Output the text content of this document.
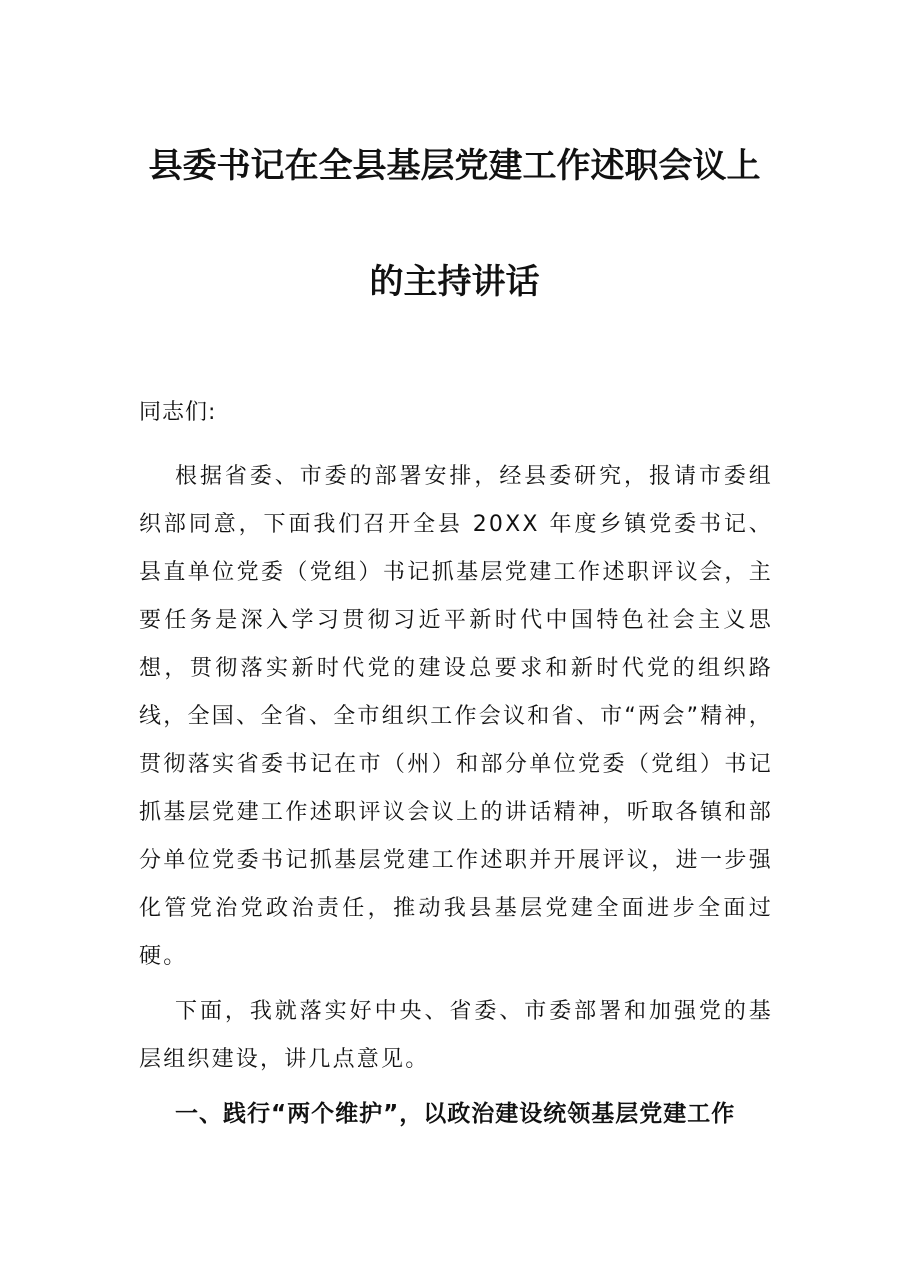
县委书记在全县基层党建工作述职会议上
的主持讲话
同志们:
根据省委、市委的部署安排，经县委研究，报请市委组织部同意，下面我们召开全县 20XX 年度乡镇党委书记、县直单位党委（党组）书记抓基层党建工作述职评议会，主要任务是深入学习贯彻习近平新时代中国特色社会主义思想，贯彻落实新时代党的建设总要求和新时代党的组织路线，全国、全省、全市组织工作会议和省、市“两会”精神，贯彻落实省委书记在市（州）和部分单位党委（党组）书记抓基层党建工作述职评议会议上的讲话精神，听取各镇和部分单位党委书记抓基层党建工作述职并开展评议，进一步强化管党治党政治责任，推动我县基层党建全面进步全面过硬。
下面，我就落实好中央、省委、市委部署和加强党的基层组织建设，讲几点意见。
一、践行“两个维护”，以政治建设统领基层党建工作
